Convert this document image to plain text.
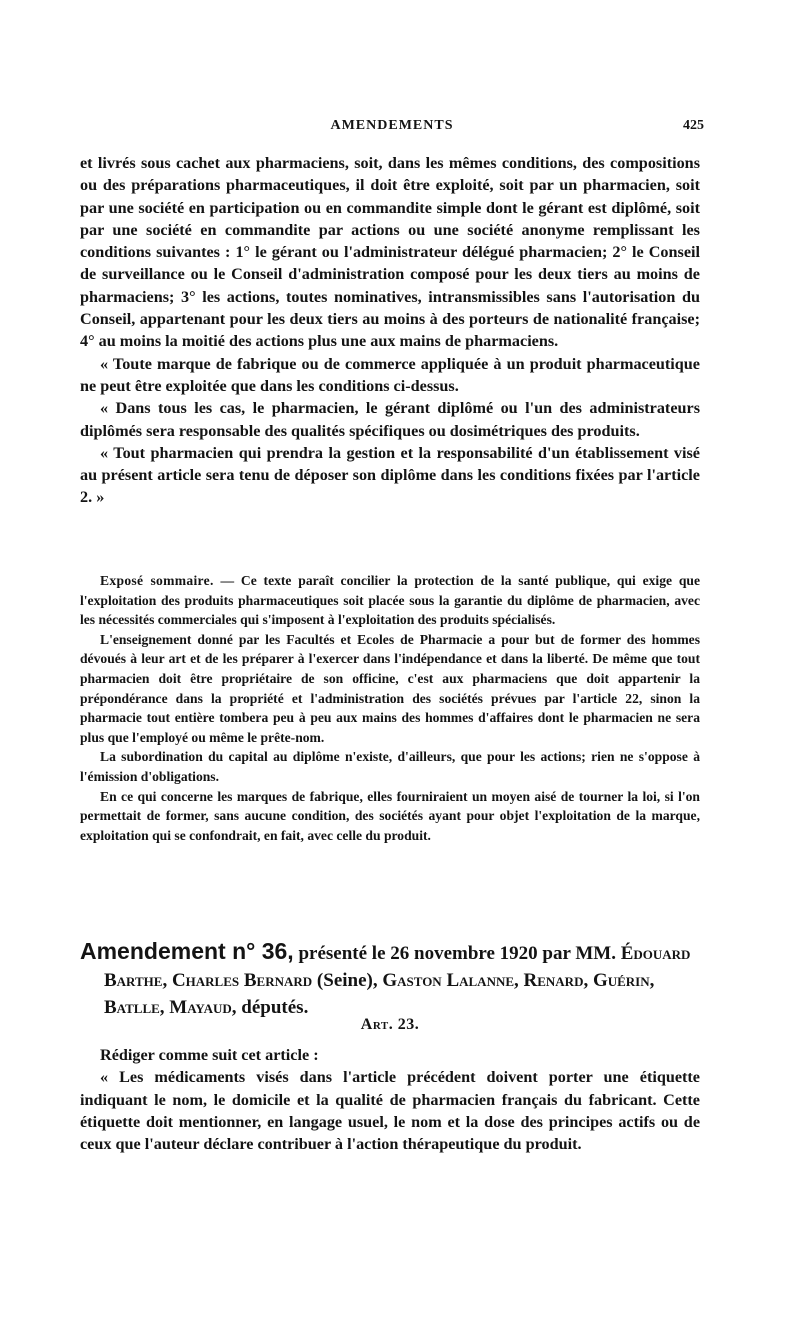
AMENDEMENTS	425

et livrés sous cachet aux pharmaciens, soit, dans les mêmes conditions, des compositions ou des préparations pharmaceutiques, il doit être exploité, soit par un pharmacien, soit par une société en participation ou en commandite simple dont le gérant est diplômé, soit par une société en commandite par actions ou une société anonyme remplissant les conditions suivantes : 1° le gérant ou l'administrateur délégué pharmacien; 2° le Conseil de surveillance ou le Conseil d'administration composé pour les deux tiers au moins de pharmaciens; 3° les actions, toutes nominatives, intransmissibles sans l'autorisation du Conseil, appartenant pour les deux tiers au moins à des porteurs de nationalité française; 4° au moins la moitié des actions plus une aux mains de pharmaciens.

« Toute marque de fabrique ou de commerce appliquée à un produit pharmaceutique ne peut être exploitée que dans les conditions ci-dessus.

« Dans tous les cas, le pharmacien, le gérant diplômé ou l'un des administrateurs diplômés sera responsable des qualités spécifiques ou dosimétriques des produits.

« Tout pharmacien qui prendra la gestion et la responsabilité d'un établissement visé au présent article sera tenu de déposer son diplôme dans les conditions fixées par l'article 2. »

Exposé sommaire. — Ce texte paraît concilier la protection de la santé publique, qui exige que l'exploitation des produits pharmaceutiques soit placée sous la garantie du diplôme de pharmacien, avec les nécessités commerciales qui s'imposent à l'exploitation des produits spécialisés.

L'enseignement donné par les Facultés et Ecoles de Pharmacie a pour but de former des hommes dévoués à leur art et de les préparer à l'exercer dans l'indépendance et dans la liberté. De même que tout pharmacien doit être propriétaire de son officine, c'est aux pharmaciens que doit appartenir la prépondérance dans la propriété et l'administration des sociétés prévues par l'article 22, sinon la pharmacie tout entière tombera peu à peu aux mains des hommes d'affaires dont le pharmacien ne sera plus que l'employé ou même le prête-nom.

La subordination du capital au diplôme n'existe, d'ailleurs, que pour les actions; rien ne s'oppose à l'émission d'obligations.

En ce qui concerne les marques de fabrique, elles fourniraient un moyen aisé de tourner la loi, si l'on permettait de former, sans aucune condition, des sociétés ayant pour objet l'exploitation de la marque, exploitation qui se confondrait, en fait, avec celle du produit.

Amendement n° 36, présenté le 26 novembre 1920 par MM. Édouard
Barthe, Charles Bernard (Seine), Gaston Lalanne, Renard, Guérin,
Batlle, Mayaud, députés.
Art. 23.

Rédiger comme suit cet article :

« Les médicaments visés dans l'article précédent doivent porter une étiquette indiquant le nom, le domicile et la qualité de pharmacien français du fabricant. Cette étiquette doit mentionner, en langage usuel, le nom et la dose des principes actifs ou de ceux que l'auteur déclare contribuer à l'action thérapeutique du produit.
